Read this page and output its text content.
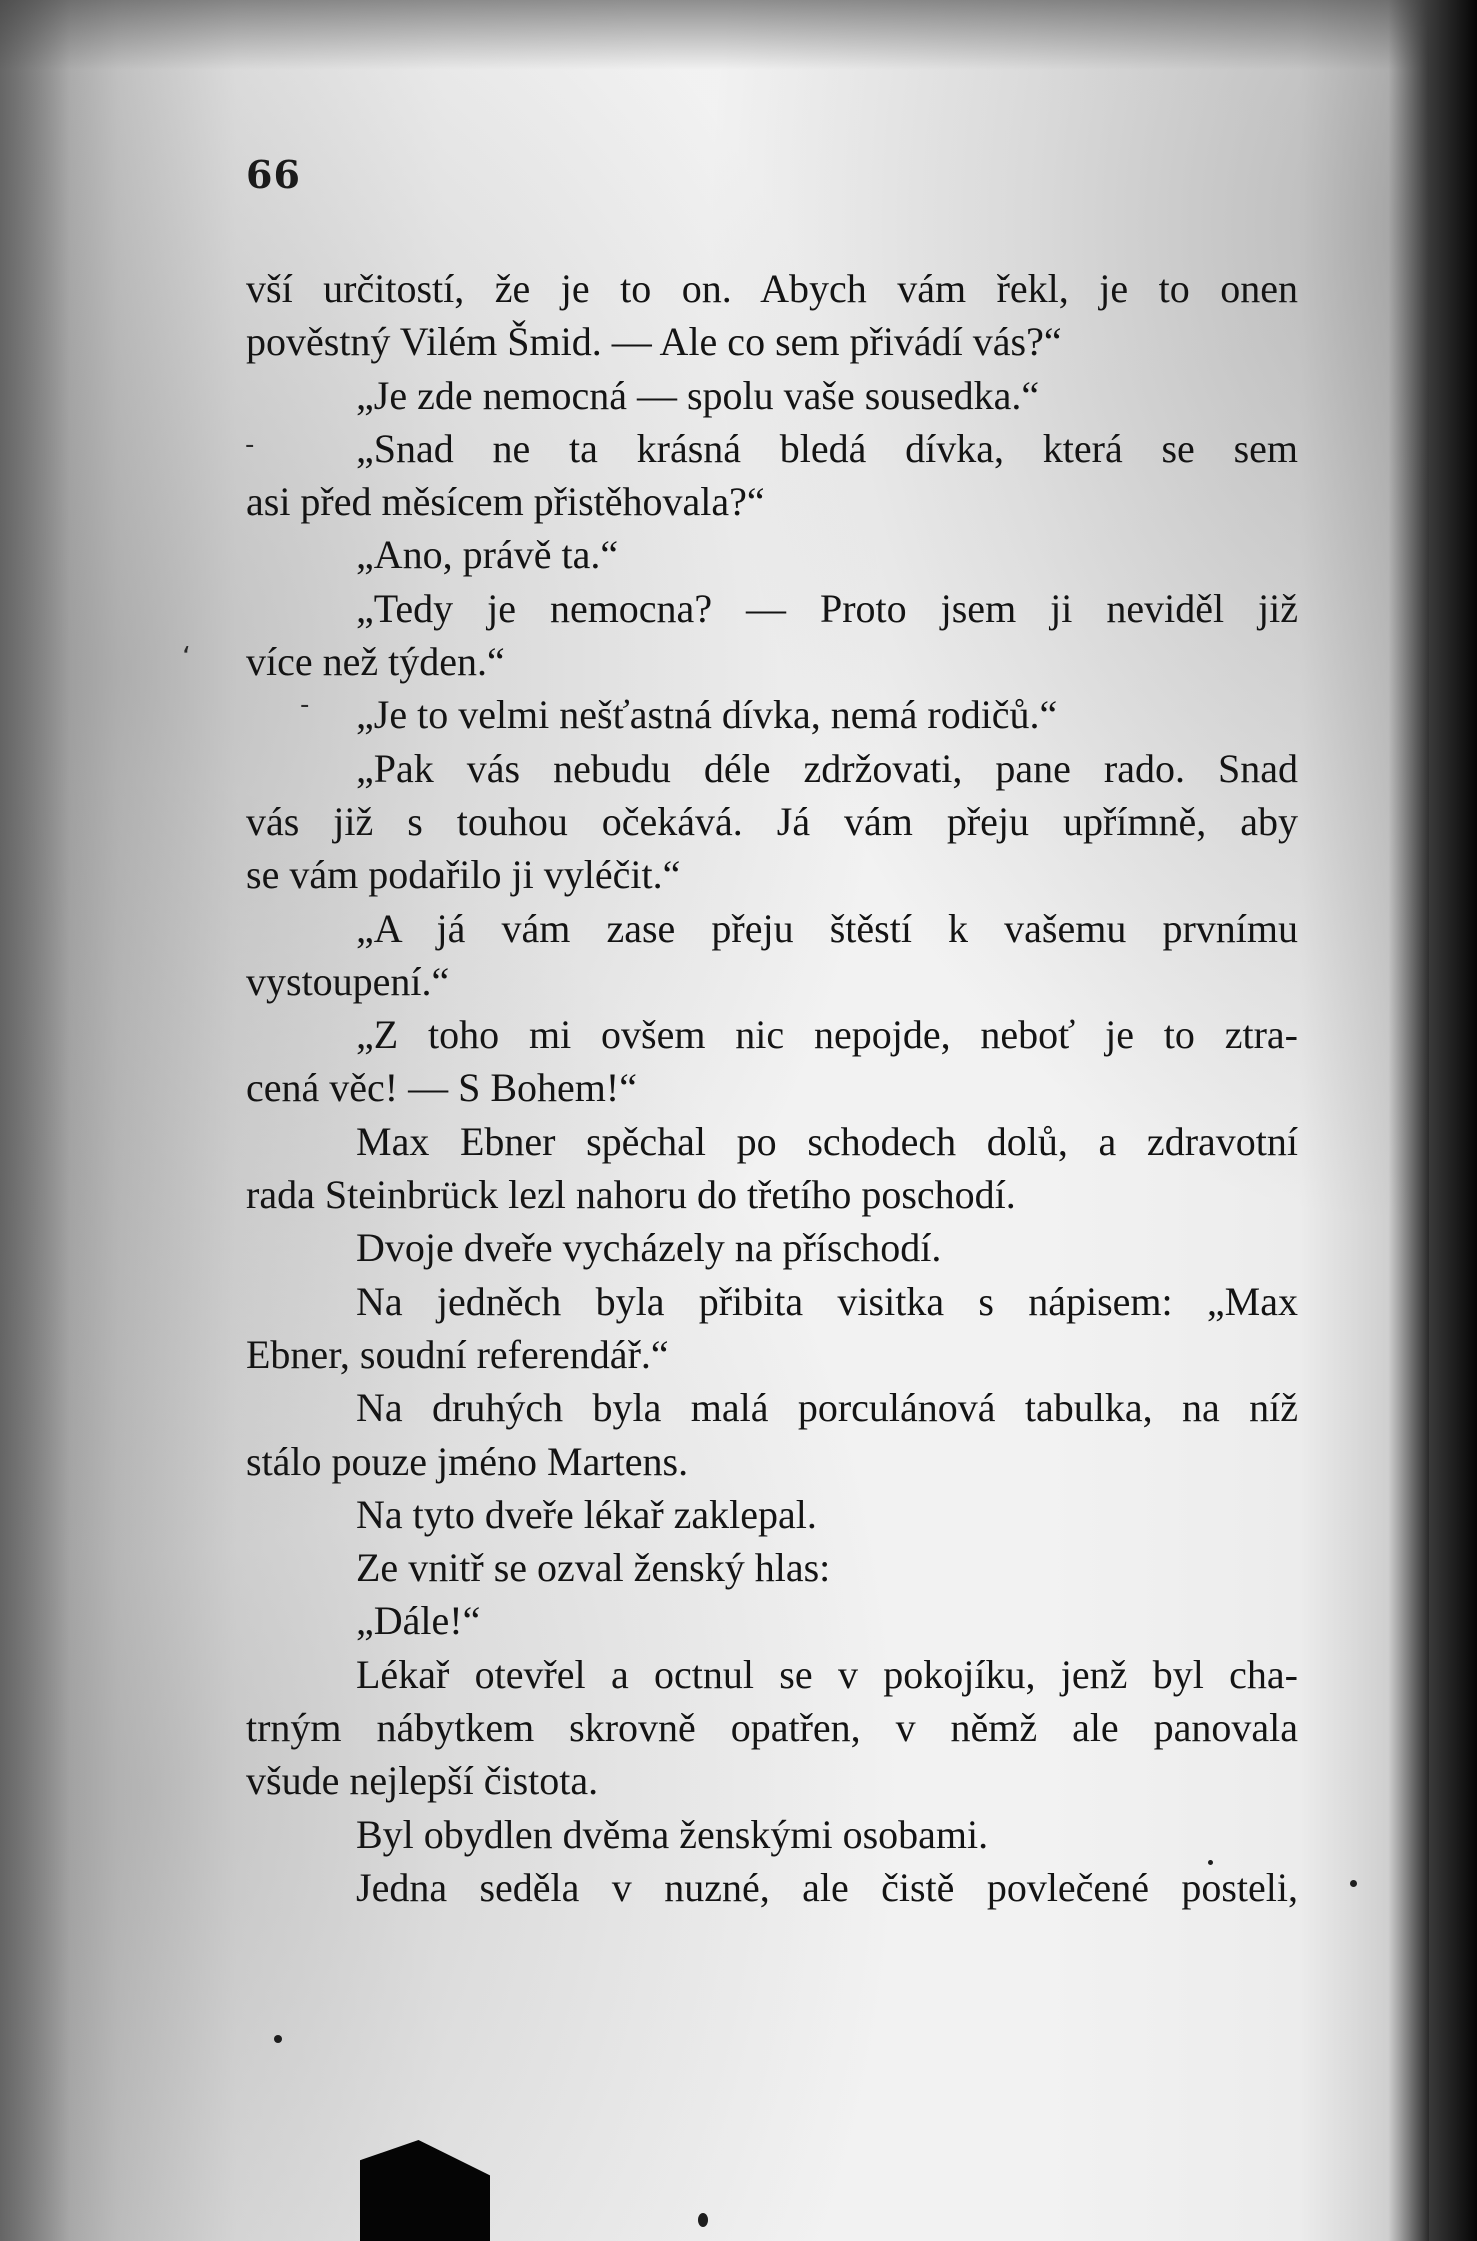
66
vší určitostí, že je to on. Abych vám řekl, je to onen
pověstný Vilém Šmid. — Ale co sem přivádí vás?“
„Je zde nemocná — spolu vaše sousedka.“
„Snad ne ta krásná bledá dívka, která se sem
asi před měsícem přistěhovala?“
„Ano, právě ta.“
„Tedy je nemocna? — Proto jsem ji neviděl již
více než týden.“
„Je to velmi nešťastná dívka, nemá rodičů.“
„Pak vás nebudu déle zdržovati, pane rado. Snad
vás již s touhou očekává. Já vám přeju upřímně, aby
se vám podařilo ji vyléčit.“
„A já vám zase přeju štěstí k vašemu prvnímu
vystoupení.“
„Z toho mi ovšem nic nepojde, neboť je to ztra-
cená věc! — S Bohem!“
Max Ebner spěchal po schodech dolů, a zdravotní
rada Steinbrück lezl nahoru do třetího poschodí.
Dvoje dveře vycházely na příschodí.
Na jedněch byla přibita visitka s nápisem: „Max
Ebner, soudní referendář.“
Na druhých byla malá porculánová tabulka, na níž
stálo pouze jméno Martens.
Na tyto dveře lékař zaklepal.
Ze vnitř se ozval ženský hlas:
„Dále!“
Lékař otevřel a octnul se v pokojíku, jenž byl cha-
trným nábytkem skrovně opatřen, v němž ale panovala
všude nejlepší čistota.
Byl obydlen dvěma ženskými osobami.
Jedna seděla v nuzné, ale čistě povlečené posteli,
‘
-
-
